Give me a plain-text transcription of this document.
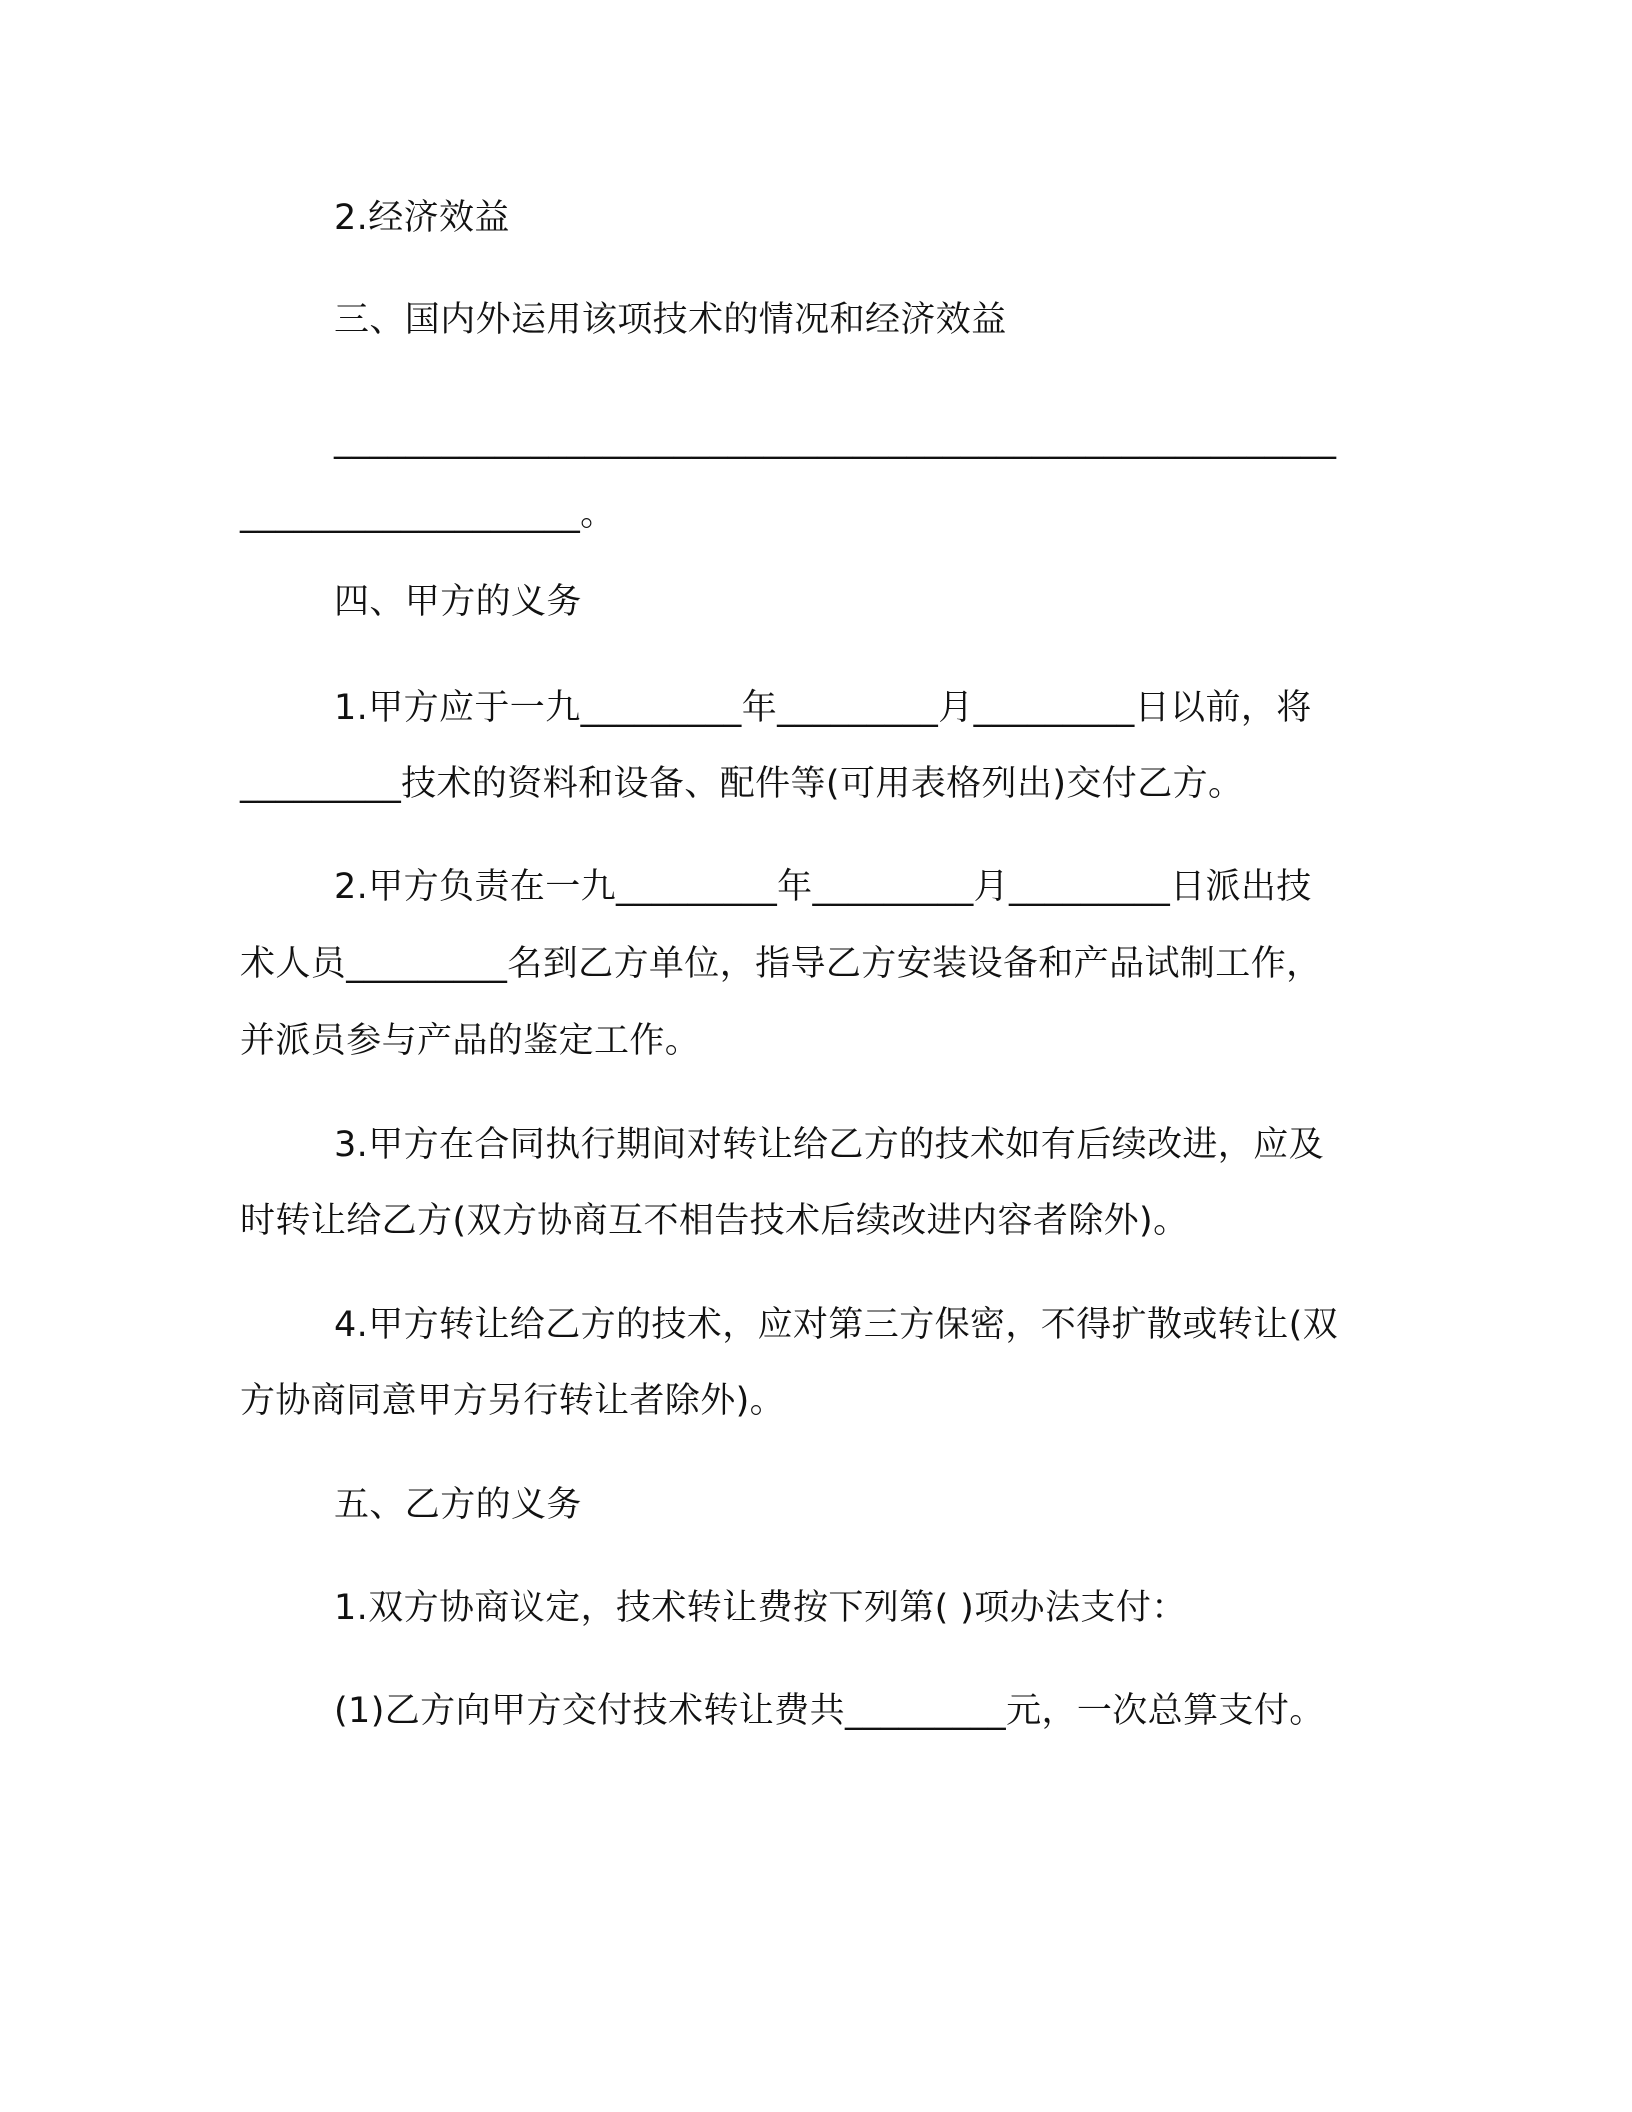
2.经济效益
三、国内外运用该项技术的情况和经济效益
________________________________________________________
___________________。
四、甲方的义务
1.甲方应于一九_________年_________月_________日以前，将
_________技术的资料和设备、配件等(可用表格列出)交付乙方。
2.甲方负责在一九_________年_________月_________日派出技
术人员_________名到乙方单位，指导乙方安装设备和产品试制工作，
并派员参与产品的鉴定工作。
3.甲方在合同执行期间对转让给乙方的技术如有后续改进，应及
时转让给乙方(双方协商互不相告技术后续改进内容者除外)。
4.甲方转让给乙方的技术，应对第三方保密，不得扩散或转让(双
方协商同意甲方另行转让者除外)。
五、乙方的义务
1.双方协商议定，技术转让费按下列第( )项办法支付：
(1)乙方向甲方交付技术转让费共_________元，一次总算支付。
